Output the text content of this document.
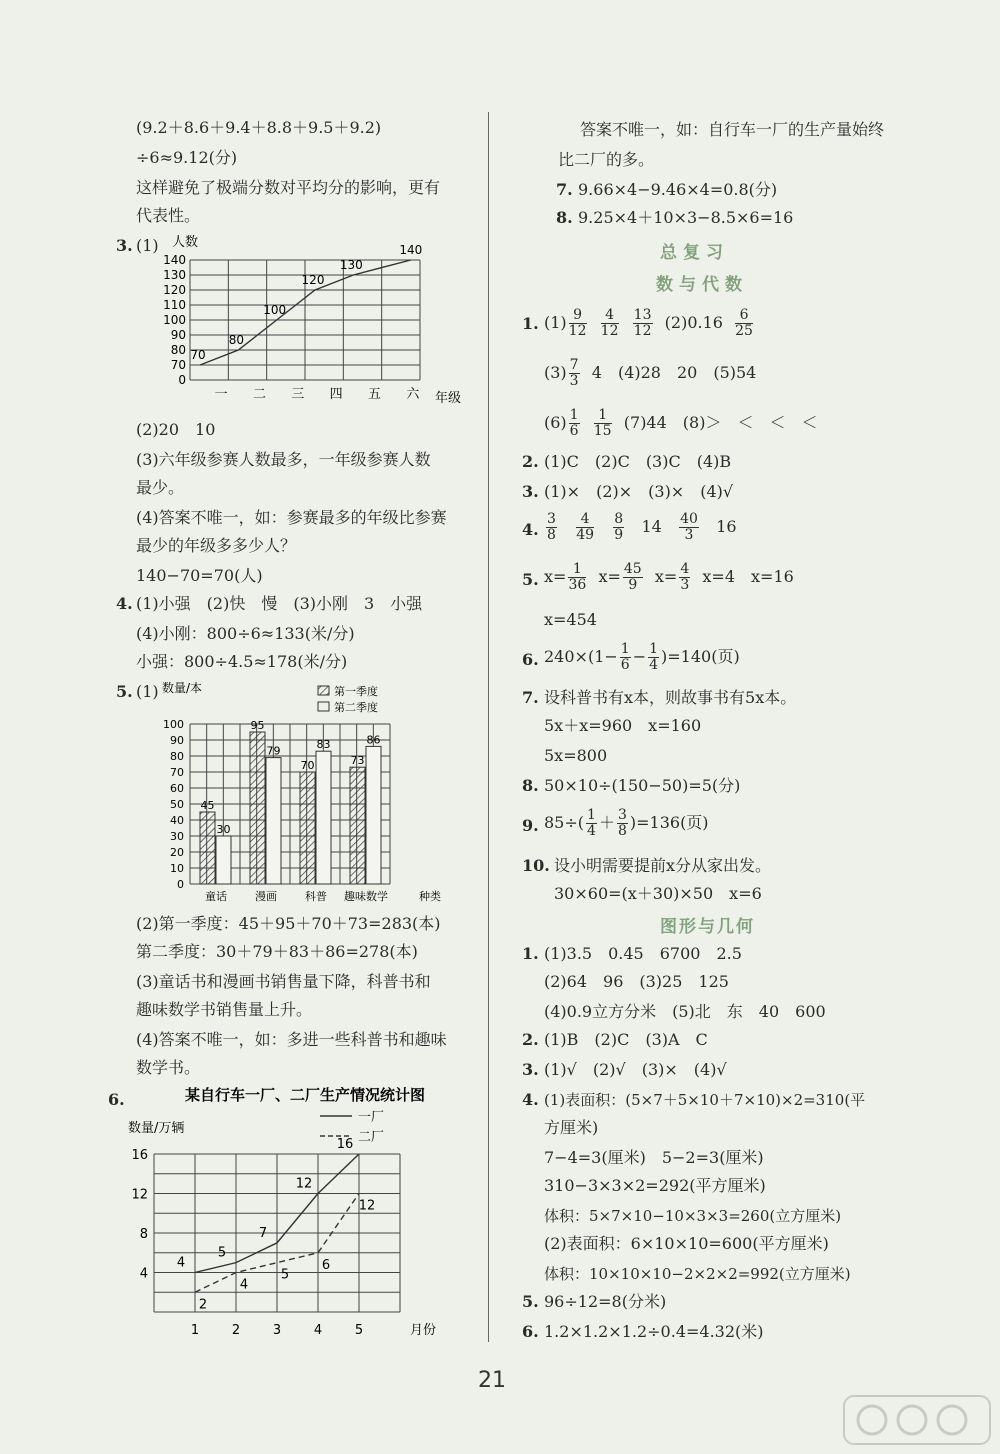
(9.2＋8.6＋9.4＋8.8＋9.5＋9.2)
÷6≈9.12(分)
这样避免了极端分数对平均分的影响，更有
代表性。
3. (1) 人数
0
70
80
90
100
110
120
130
140
一 二 三 四 五 六 年级
70
80
100
120
130
140
(2)20　10
(3)六年级参赛人数最多，一年级参赛人数
最少。
(4)答案不唯一，如：参赛最多的年级比参赛
最少的年级多多少人？
140−70=70(人)
4. (1)小强　(2)快　慢　(3)小刚　3　小强
(4)小刚：800÷6≈133(米/分)
小强：800÷4.5≈178(米/分)
5. (1) 数量/本	第一季度
第二季度
0
10
20
30
40
50
60
70
80
90
100
45
30
童话
95
79
漫画
70
83
科普
73
86
趣味数学	种类
(2)第一季度：45＋95＋70＋73=283(本)
第二季度：30＋79＋83＋86=278(本)
(3)童话书和漫画书销售量下降，科普书和
趣味数学书销售量上升。
(4)答案不唯一，如：多进一些科普书和趣味
数学书。
6.	某自行车一厂、二厂生产情况统计图
数量/万辆
一厂
二厂
4
8
12
16
1	2	3	4	5	月份
4
5
7
12
16
2
4
5
6
12
答案不唯一，如：自行车一厂的生产量始终
比二厂的多。
7. 9.66×4−9.46×4=0.8(分)
8. 9.25×4＋10×3−8.5×6=16
总复习
数与代数
1. $(1) \frac{9}{12}$
$\frac{4}{12}$
$\frac{13}{12} (2)0.16 \frac{6}{25}$
$(3) \frac{7}{3} 4$　(4)28　20　(5)54
$(6) \frac{1}{6}$
$\frac{1}{15} (7)44$　(8)＞　＜　＜　＜
2. (1)C　(2)C　(3)C　(4)B
3. (1)×　(2)×　(3)×　(4)√
4. $\frac{3}{8}$
$\frac{4}{49}$
$\frac{8}{9} 14 \frac{40}{3} 16$
5. $x= \frac{1}{36} x= \frac{45}{9} x= \frac{4}{3} x=4$　x=16
x=454
6. $240\times(1- \frac{1}{6} - \frac{1}{4} )=140$(页)
7. 设科普书有x本，则故事书有5x本。
5x＋x=960　x=160
5x=800
8. 50×10÷(150−50)=5(分)
9. $85\div( \frac{1}{4} + \frac{3}{8} )=136$(页)
10. 设小明需要提前x分从家出发。
30×60=(x＋30)×50　x=6
图形与几何
1. (1)3.5　0.45　6700　2.5
(2)64　96　(3)25　125
(4)0.9立方分米　(5)北　东　40　600
2. (1)B　(2)C　(3)A　C
3. (1)√　(2)√　(3)×　(4)√
4. (1)表面积：(5×7＋5×10＋7×10)×2=310(平
方厘米)
7−4=3(厘米)　5−2=3(厘米)
310−3×3×2=292(平方厘米)
体积：5×7×10−10×3×3=260(立方厘米)
(2)表面积：6×10×10=600(平方厘米)
体积：10×10×10−2×2×2=992(立方厘米)
5. 96÷12=8(分米)
6. 1.2×1.2×1.2÷0.4=4.32(米)
21
